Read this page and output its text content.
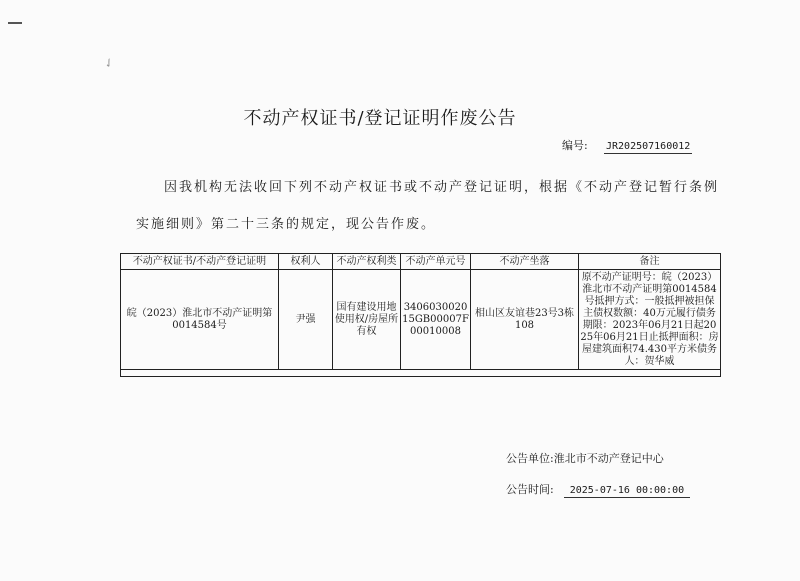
✓
不动产权证书/登记证明作废公告
编号: JR202507160012
因我机构无法收回下列不动产权证书或不动产登记证明，根据《不动产登记暂行条例
实施细则》第二十三条的规定，现公告作废。
不动产权证书/不动产登记证明	权利人	不动产权利类	不动产单元号	不动产坐落	备注
皖（2023）淮北市不动产证明第0014584号	尹强	国有建设用地使用权/房屋所有权	340603002015GB00007F00010008	相山区友谊巷23号3栋108	原不动产证明号：皖（2023）淮北市不动产证明第0014584号抵押方式：一般抵押被担保主债权数额：40万元履行债务期限：2023年06月21日起2025年06月21日止抵押面积：房屋建筑面积74.430平方米债务人：贺华威

公告单位:淮北市不动产登记中心
公告时间: 2025-07-16 00:00:00
